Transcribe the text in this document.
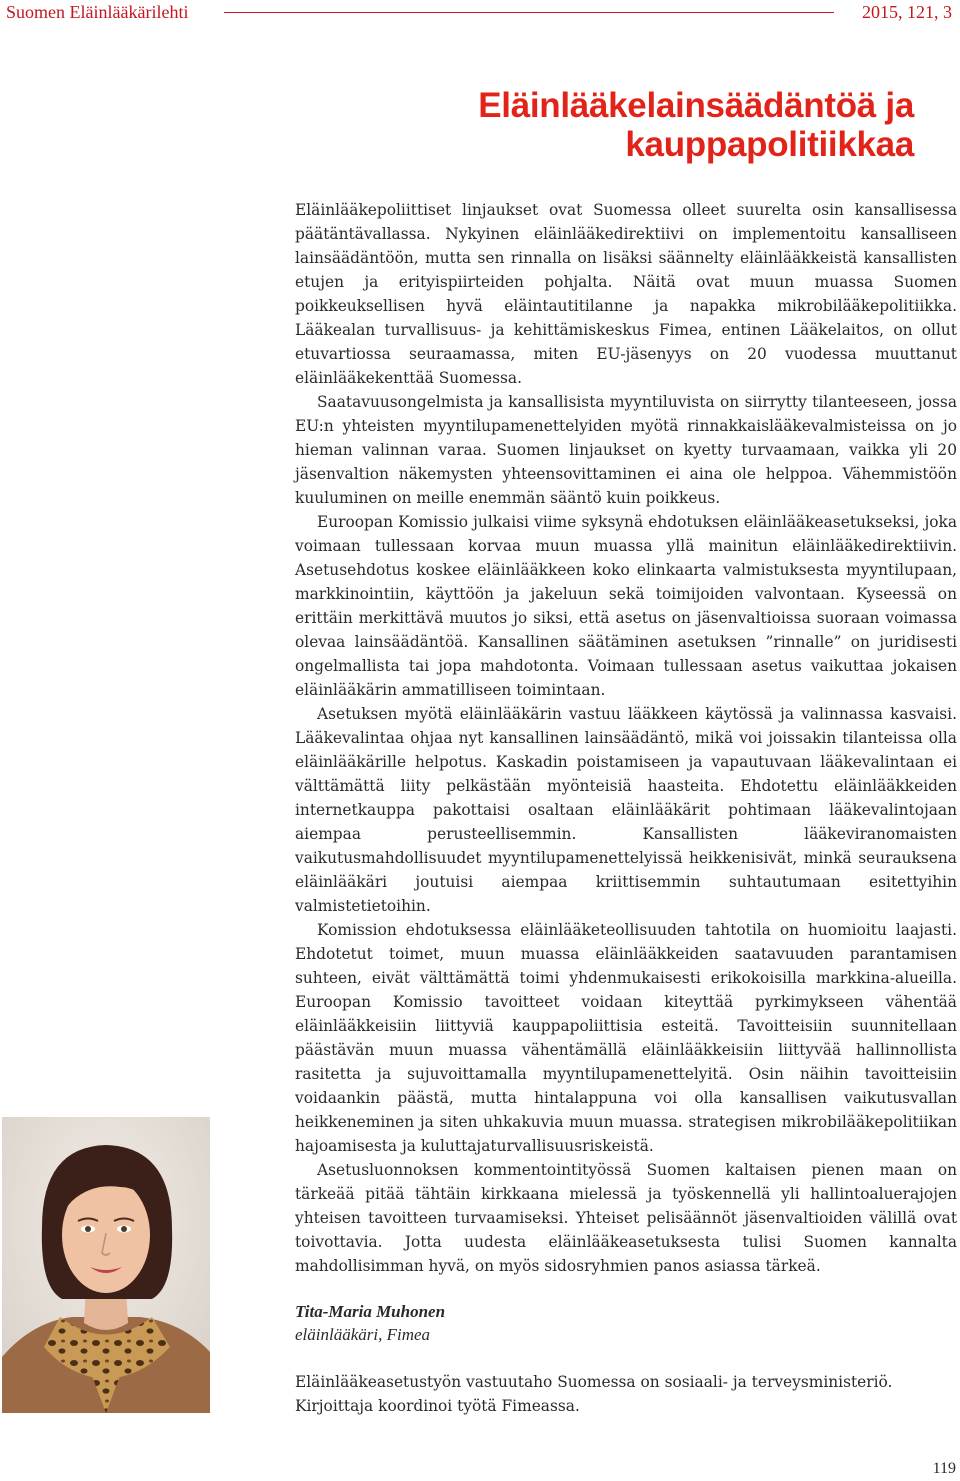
Suomen Eläinlääkärilehti	2015, 121, 3
Eläinlääkelainsäädäntöä ja kauppapolitiikkaa

Eläinlääkepoliittiset linjaukset ovat Suomessa olleet suurelta osin kansallisessa päätäntävallassa. Nykyinen eläinlääkedirektiivi on implementoitu kansalliseen lainsäädäntöön, mutta sen rinnalla on lisäksi säännelty eläinlääkkeistä kansallisten etujen ja erityispiirteiden pohjalta. Näitä ovat muun muassa Suomen poikkeuksellisen hyvä eläintautitilanne ja napakka mikrobilääkepolitiikka. Lääkealan turvallisuus- ja kehittämiskeskus Fimea, entinen Lääkelaitos, on ollut etuvartiossa seuraamassa, miten EU-jäsenyys on 20 vuodessa muuttanut eläinlääkekenttää Suomessa.

Saatavuusongelmista ja kansallisista myyntiluvista on siirrytty tilanteeseen, jossa EU:n yhteisten myyntilupamenettelyiden myötä rinnakkaislääkevalmisteissa on jo hieman valinnan varaa. Suomen linjaukset on kyetty turvaamaan, vaikka yli 20 jäsenvaltion näkemysten yhteensovittaminen ei aina ole helppoa. Vähemmistöön kuuluminen on meille enemmän sääntö kuin poikkeus.

Euroopan Komissio julkaisi viime syksynä ehdotuksen eläinlääkeasetukseksi, joka voimaan tullessaan korvaa muun muassa yllä mainitun eläinlääkedirektiivin. Asetusehdotus koskee eläinlääkkeen koko elinkaarta valmistuksesta myyntilupaan, markkinointiin, käyttöön ja jakeluun sekä toimijoiden valvontaan. Kyseessä on erittäin merkittävä muutos jo siksi, että asetus on jäsenvaltioissa suoraan voimassa olevaa lainsäädäntöä. Kansallinen säätäminen asetuksen ”rinnalle” on juridisesti ongelmallista tai jopa mahdotonta. Voimaan tullessaan asetus vaikuttaa jokaisen eläinlääkärin ammatilliseen toimintaan.

Asetuksen myötä eläinlääkärin vastuu lääkkeen käytössä ja valinnassa kasvaisi. Lääkevalintaa ohjaa nyt kansallinen lainsäädäntö, mikä voi joissakin tilanteissa olla eläinlääkärille helpotus. Kaskadin poistamiseen ja vapautuvaan lääkevalintaan ei välttämättä liity pelkästään myönteisiä haasteita. Ehdotettu eläinlääkkeiden internetkauppa pakottaisi osaltaan eläinlääkärit pohtimaan lääkevalintojaan aiempaa perusteellisemmin. Kansallisten lääkeviranomaisten vaikutusmahdollisuudet myyntilupamenettelyissä heikkenisivät, minkä seurauksena eläinlääkäri joutuisi aiempaa kriittisemmin suhtautumaan esitettyihin valmistetietoihin.

Komission ehdotuksessa eläinlääketeollisuuden tahtotila on huomioitu laajasti. Ehdotetut toimet, muun muassa eläinlääkkeiden saatavuuden parantamisen suhteen, eivät välttämättä toimi yhdenmukaisesti erikokoisilla markkina-alueilla. Euroopan Komissio tavoitteet voidaan kiteyttää pyrkimykseen vähentää eläinlääkkeisiin liittyviä kauppapoliittisia esteitä. Tavoitteisiin suunnitellaan päästävän muun muassa vähentämällä eläinlääkkeisiin liittyvää hallinnollista rasitetta ja sujuvoittamalla myyntilupamenettelyitä. Osin näihin tavoitteisiin voidaankin päästä, mutta hintalappuna voi olla kansallisen vaikutusvallan heikkeneminen ja siten uhkakuvia muun muassa. strategisen mikrobilääkepolitiikan hajoamisesta ja kuluttajaturvallisuusriskeistä.

Asetusluonnoksen kommentointityössä Suomen kaltaisen pienen maan on tärkeää pitää tähtäin kirkkaana mielessä ja työskennellä yli hallintoaluerajojen yhteisen tavoitteen turvaamiseksi. Yhteiset pelisäännöt jäsenvaltioiden välillä ovat toivottavia. Jotta uudesta eläinlääkeasetuksesta tulisi Suomen kannalta mahdollisimman hyvä, on myös sidosryhmien panos asiassa tärkeä.

Tita-Maria Muhonen
eläinlääkäri, Fimea
Eläinlääkeasetustyön vastuutaho Suomessa on sosiaali- ja terveysministeriö. Kirjoittaja koordinoi työtä Fimeassa.
119
